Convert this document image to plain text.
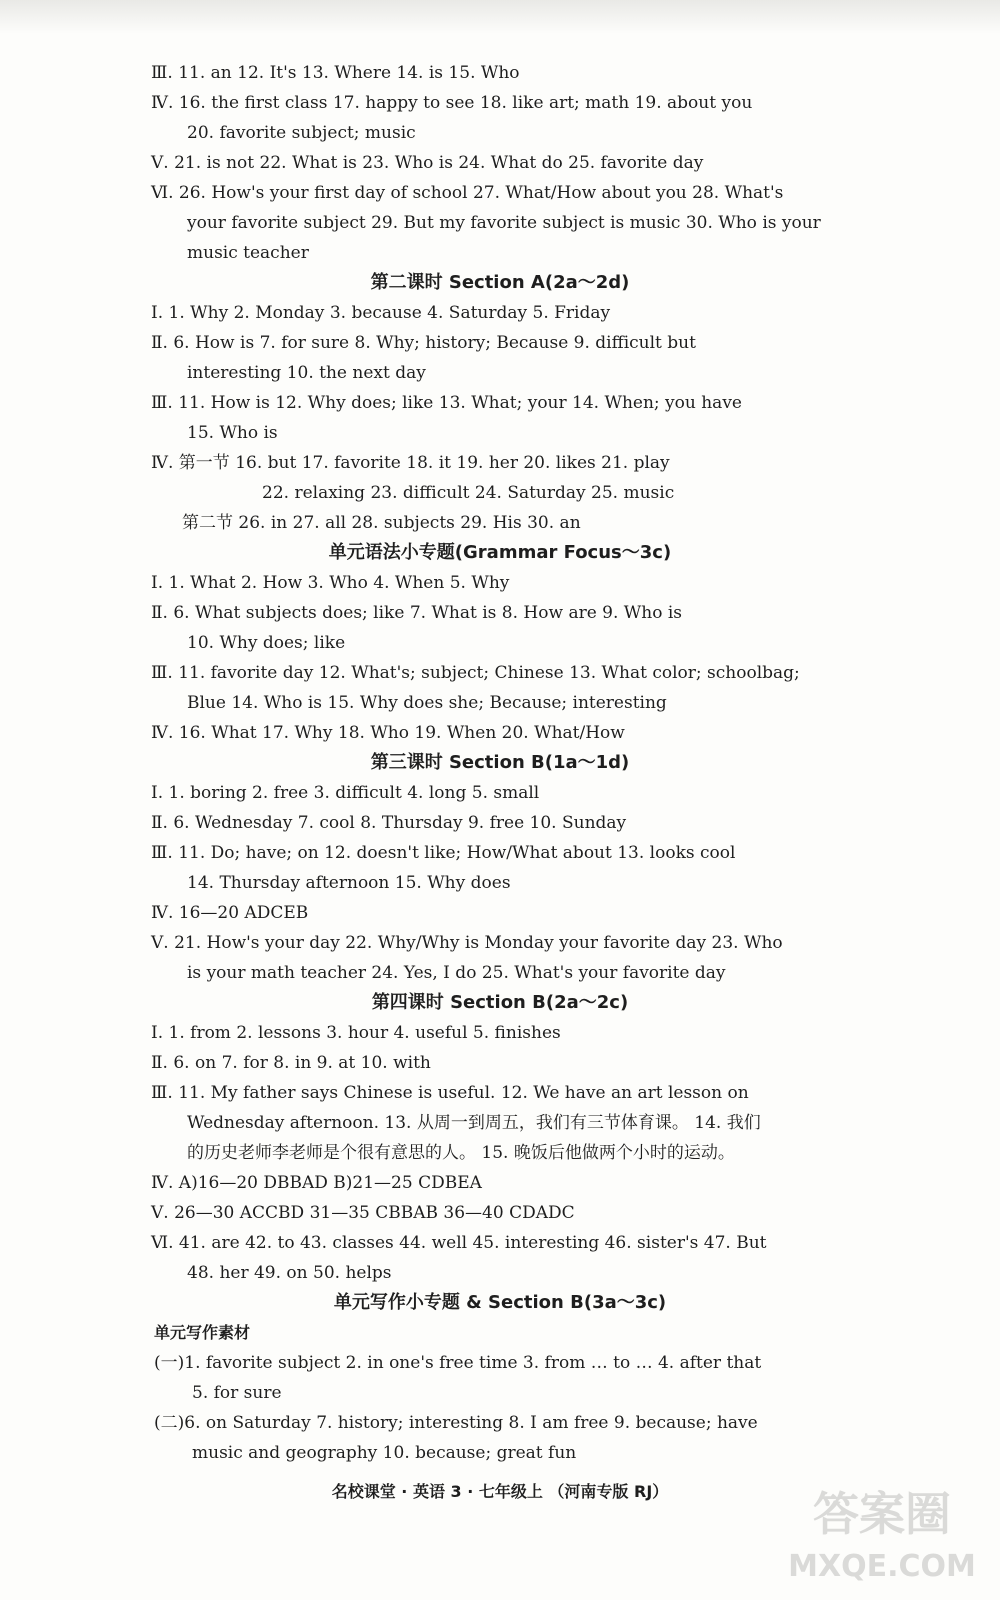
Ⅲ. 11. an 12. It's 13. Where 14. is 15. Who
Ⅳ. 16. the first class 17. happy to see 18. like art; math 19. about you
20. favorite subject; music
Ⅴ. 21. is not 22. What is 23. Who is 24. What do 25. favorite day
Ⅵ. 26. How's your first day of school 27. What/How about you 28. What's
your favorite subject 29. But my favorite subject is music 30. Who is your
music teacher
第二课时 Section A(2a～2d)
Ⅰ. 1. Why 2. Monday 3. because 4. Saturday 5. Friday
Ⅱ. 6. How is 7. for sure 8. Why; history; Because 9. difficult but
interesting 10. the next day
Ⅲ. 11. How is 12. Why does; like 13. What; your 14. When; you have
15. Who is
Ⅳ. 第一节 16. but 17. favorite 18. it 19. her 20. likes 21. play
22. relaxing 23. difficult 24. Saturday 25. music
第二节 26. in 27. all 28. subjects 29. His 30. an
单元语法小专题(Grammar Focus～3c)
Ⅰ. 1. What 2. How 3. Who 4. When 5. Why
Ⅱ. 6. What subjects does; like 7. What is 8. How are 9. Who is
10. Why does; like
Ⅲ. 11. favorite day 12. What's; subject; Chinese 13. What color; schoolbag;
Blue 14. Who is 15. Why does she; Because; interesting
Ⅳ. 16. What 17. Why 18. Who 19. When 20. What/How
第三课时 Section B(1a～1d)
Ⅰ. 1. boring 2. free 3. difficult 4. long 5. small
Ⅱ. 6. Wednesday 7. cool 8. Thursday 9. free 10. Sunday
Ⅲ. 11. Do; have; on 12. doesn't like; How/What about 13. looks cool
14. Thursday afternoon 15. Why does
Ⅳ. 16—20 ADCEB
Ⅴ. 21. How's your day 22. Why/Why is Monday your favorite day 23. Who
is your math teacher 24. Yes, I do 25. What's your favorite day
第四课时 Section B(2a～2c)
Ⅰ. 1. from 2. lessons 3. hour 4. useful 5. finishes
Ⅱ. 6. on 7. for 8. in 9. at 10. with
Ⅲ. 11. My father says Chinese is useful. 12. We have an art lesson on
Wednesday afternoon. 13. 从周一到周五，我们有三节体育课。 14. 我们
的历史老师李老师是个很有意思的人。 15. 晚饭后他做两个小时的运动。
Ⅳ. A)16—20 DBBAD B)21—25 CDBEA
Ⅴ. 26—30 ACCBD 31—35 CBBAB 36—40 CDADC
Ⅵ. 41. are 42. to 43. classes 44. well 45. interesting 46. sister's 47. But
48. her 49. on 50. helps
单元写作小专题 & Section B(3a～3c)
单元写作素材
(一)1. favorite subject 2. in one's free time 3. from … to … 4. after that
5. for sure
(二)6. on Saturday 7. history; interesting 8. I am free 9. because; have
music and geography 10. because; great fun
名校课堂 · 英语 3 · 七年级上 （河南专版 RJ）	答案圈
MXQE.COM
